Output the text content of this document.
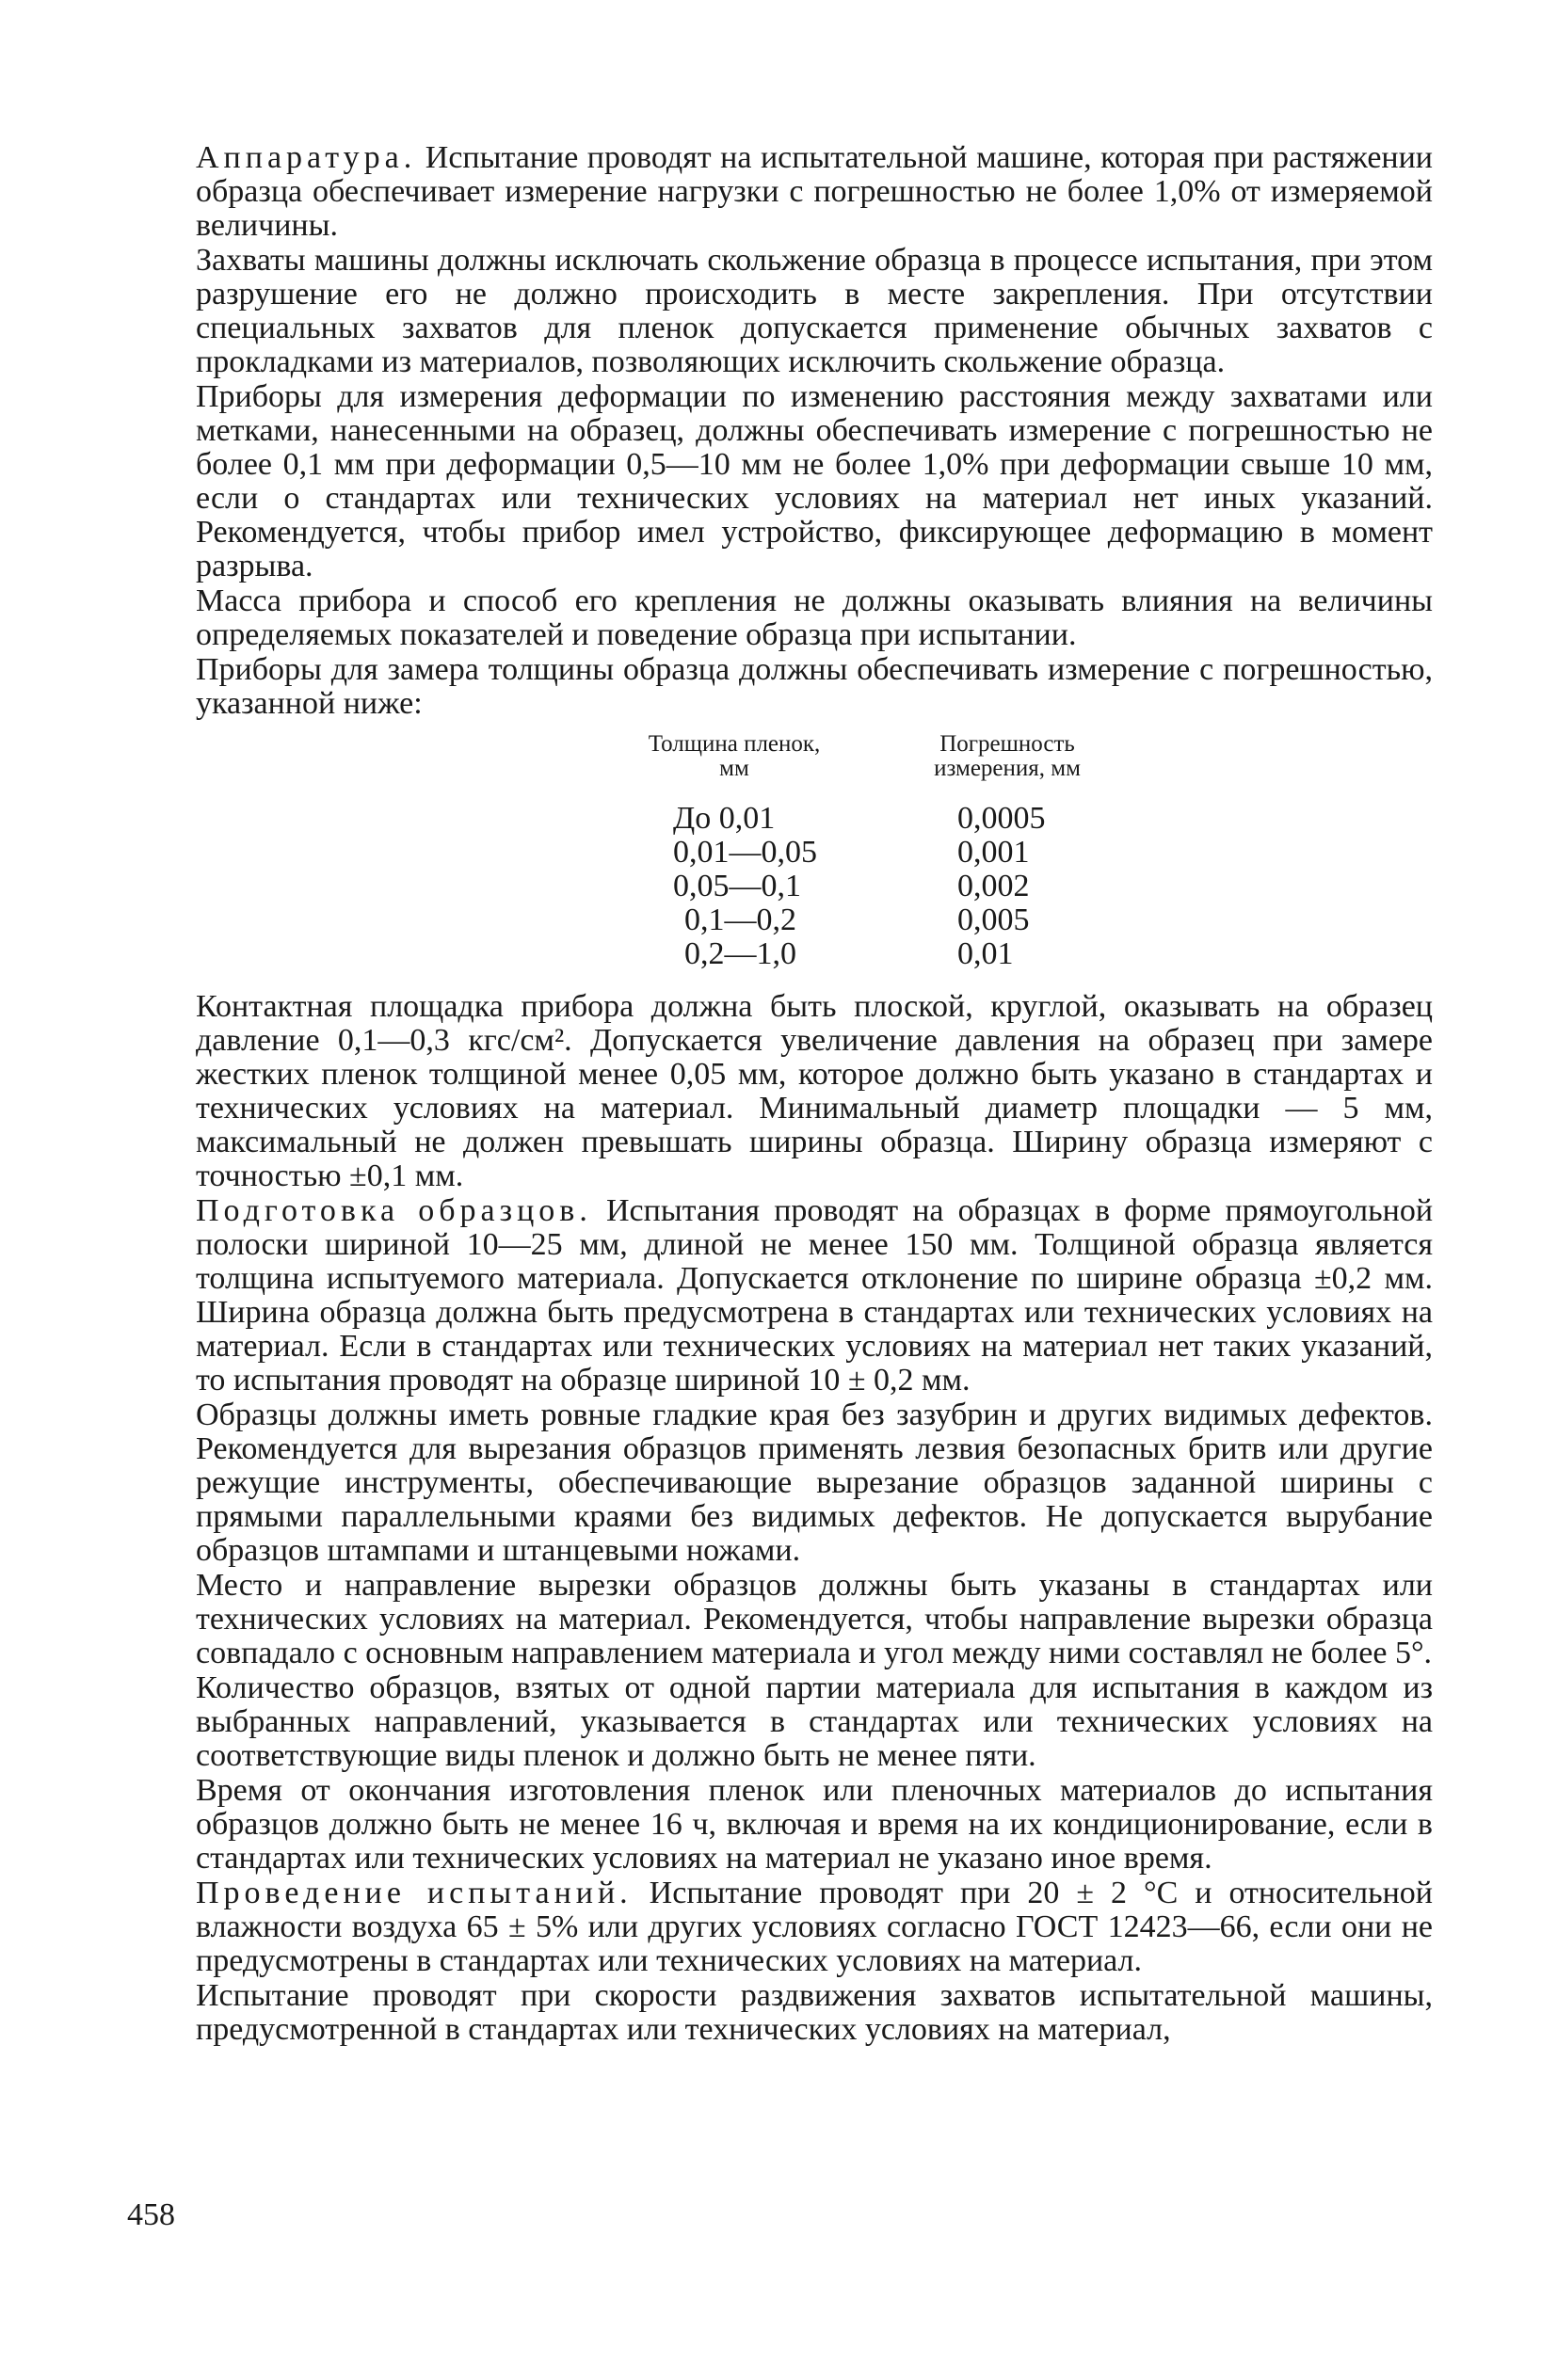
Аппаратура. Испытание проводят на испытательной машине, которая при растяжении образца обеспечивает измерение нагрузки с погрешностью не более 1,0% от измеряемой величины.

Захваты машины должны исключать скольжение образца в процессе испытания, при этом разрушение его не должно происходить в месте закрепления. При отсутствии специальных захватов для пленок допускается применение обычных захватов с прокладками из материалов, позволяющих исключить скольжение образца.

Приборы для измерения деформации по изменению расстояния между захватами или метками, нанесенными на образец, должны обеспечивать измерение с погрешностью не более 0,1 мм при деформации 0,5—10 мм не более 1,0% при деформации свыше 10 мм, если о стандартах или технических условиях на материал нет иных указаний. Рекомендуется, чтобы прибор имел устройство, фиксирующее деформацию в момент разрыва.

Масса прибора и способ его крепления не должны оказывать влияния на величины определяемых показателей и поведение образца при испытании.

Приборы для замера толщины образца должны обеспечивать измерение с погрешностью, указанной ниже:

Толщина пленок, мм	Погрешность измерения, мм
До 0,01	0,0005
0,01—0,05	0,001
0,05—0,1	0,002
0,1—0,2	0,005
0,2—1,0	0,01

Контактная площадка прибора должна быть плоской, круглой, оказывать на образец давление 0,1—0,3 кгс/см². Допускается увеличение давления на образец при замере жестких пленок толщиной менее 0,05 мм, которое должно быть указано в стандартах и технических условиях на материал. Минимальный диаметр площадки — 5 мм, максимальный не должен превышать ширины образца. Ширину образца измеряют с точностью ±0,1 мм.

Подготовка образцов. Испытания проводят на образцах в форме прямоугольной полоски шириной 10—25 мм, длиной не менее 150 мм. Толщиной образца является толщина испытуемого материала. Допускается отклонение по ширине образца ±0,2 мм. Ширина образца должна быть предусмотрена в стандартах или технических условиях на материал. Если в стандартах или технических условиях на материал нет таких указаний, то испытания проводят на образце шириной 10 ± 0,2 мм.

Образцы должны иметь ровные гладкие края без зазубрин и других видимых дефектов. Рекомендуется для вырезания образцов применять лезвия безопасных бритв или другие режущие инструменты, обеспечивающие вырезание образцов заданной ширины с прямыми параллельными краями без видимых дефектов. Не допускается вырубание образцов штампами и штанцевыми ножами.

Место и направление вырезки образцов должны быть указаны в стандартах или технических условиях на материал. Рекомендуется, чтобы направление вырезки образца совпадало с основным направлением материала и угол между ними составлял не более 5°.

Количество образцов, взятых от одной партии материала для испытания в каждом из выбранных направлений, указывается в стандартах или технических условиях на соответствующие виды пленок и должно быть не менее пяти.

Время от окончания изготовления пленок или пленочных материалов до испытания образцов должно быть не менее 16 ч, включая и время на их кондиционирование, если в стандартах или технических условиях на материал не указано иное время.

Проведение испытаний. Испытание проводят при 20 ± 2 °С и относительной влажности воздуха 65 ± 5% или других условиях согласно ГОСТ 12423—66, если они не предусмотрены в стандартах или технических условиях на материал.

Испытание проводят при скорости раздвижения захватов испытательной машины, предусмотренной в стандартах или технических условиях на материал,

458
